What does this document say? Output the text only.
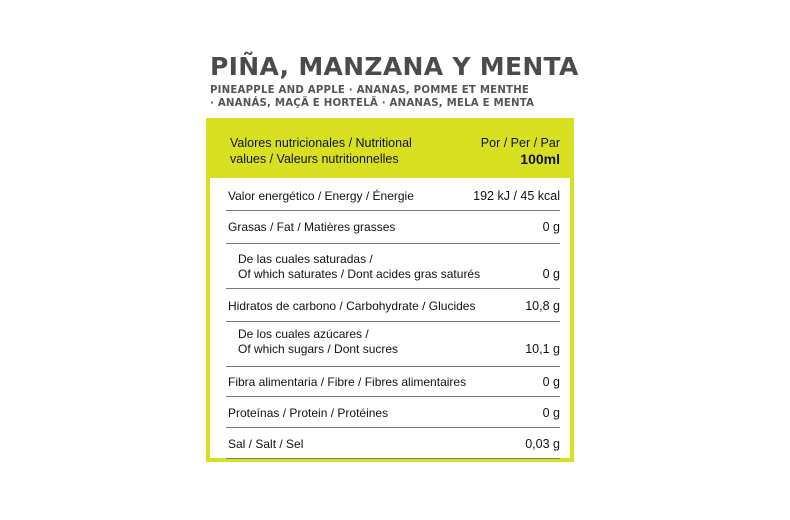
PIÑA, MANZANA Y MENTA
PINEAPPLE AND APPLE · ANANAS, POMME ET MENTHE
· ANANÁS, MAÇÃ E HORTELÃ · ANANAS, MELA E MENTA
Valores nutricionales / Nutritional
values / Valeurs nutritionnelles
Por / Per / Par
100ml
Valor energético / Energy / Énergie	192 kJ / 45 kcal
Grasas / Fat / Matières grasses	0 g
De las cuales saturadas /
Of which saturates / Dont acides gras saturés	0 g
Hidratos de carbono / Carbohydrate / Glucides	10,8 g
De los cuales azúcares /
Of which sugars / Dont sucres	10,1 g
Fibra alimentaria / Fibre / Fibres alimentaires	0 g
Proteínas / Protein / Protéines	0 g
Sal / Salt / Sel	0,03 g
